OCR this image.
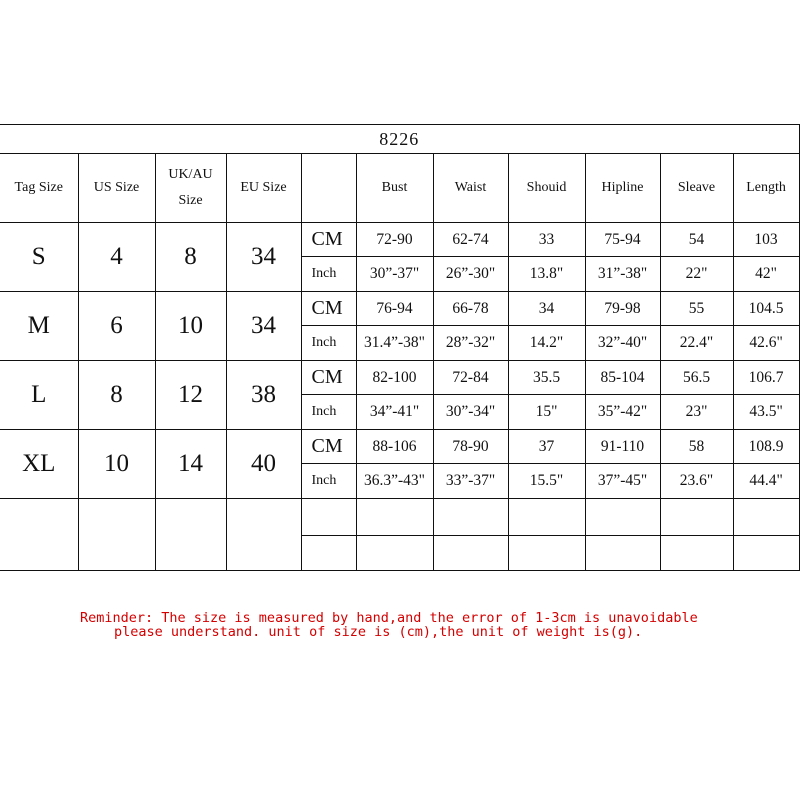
8226										
Tag Size	US Size	UK/AU Size	EU Size		Bust	Waist	Shouid	Hipline	Sleave	Length
S	4	8	34	CM	72-90	62-74	33	75-94	54	103
				Inch	30”-37"	26”-30"	13.8"	31”-38"	22"	42"
M	6	10	34	CM	76-94	66-78	34	79-98	55	104.5
				Inch	31.4”-38"	28”-32"	14.2"	32”-40"	22.4"	42.6"
L	8	12	38	CM	82-100	72-84	35.5	85-104	56.5	106.7
				Inch	34”-41"	30”-34"	15"	35”-42"	23"	43.5"
XL	10	14	40	CM	88-106	78-90	37	91-110	58	108.9
				Inch	36.3”-43"	33”-37"	15.5"	37”-45"	23.6"	44.4"

Reminder: The size is measured by hand,and the error of 1-3cm is unavoidable
please understand. unit of size is (cm),the unit of weight is(g).
